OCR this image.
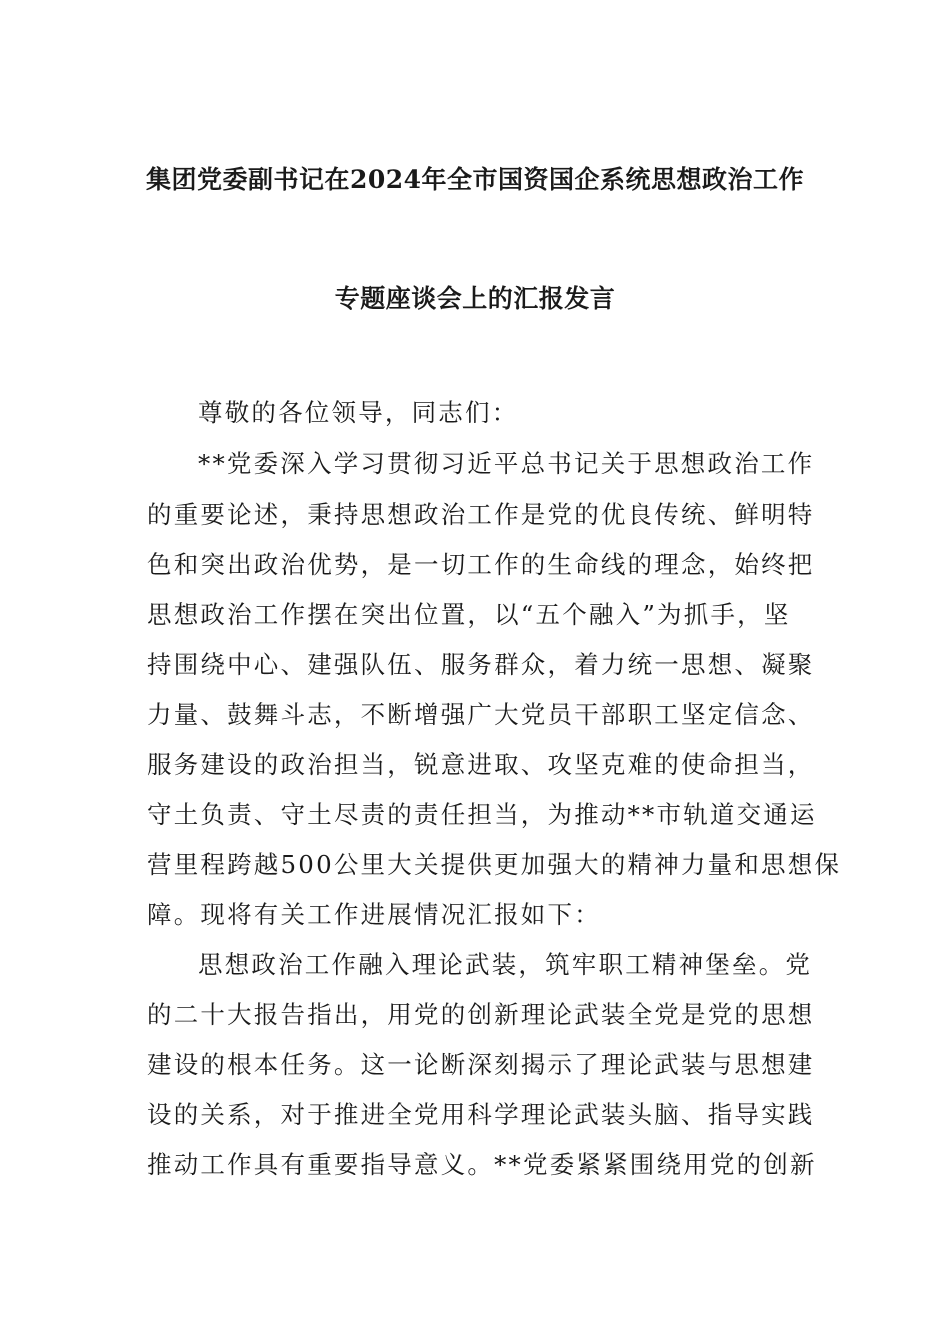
集团党委副书记在2024年全市国资国企系统思想政治工作
专题座谈会上的汇报发言
尊敬的各位领导，同志们：
**党委深入学习贯彻习近平总书记关于思想政治工作
的重要论述，秉持思想政治工作是党的优良传统、鲜明特
色和突出政治优势，是一切工作的生命线的理念，始终把
思想政治工作摆在突出位置，以“五个融入”为抓手，坚
持围绕中心、建强队伍、服务群众，着力统一思想、凝聚
力量、鼓舞斗志，不断增强广大党员干部职工坚定信念、
服务建设的政治担当，锐意进取、攻坚克难的使命担当，
守土负责、守土尽责的责任担当，为推动**市轨道交通运
营里程跨越500公里大关提供更加强大的精神力量和思想保
障。现将有关工作进展情况汇报如下：
思想政治工作融入理论武装，筑牢职工精神堡垒。党
的二十大报告指出，用党的创新理论武装全党是党的思想
建设的根本任务。这一论断深刻揭示了理论武装与思想建
设的关系，对于推进全党用科学理论武装头脑、指导实践
推动工作具有重要指导意义。**党委紧紧围绕用党的创新
